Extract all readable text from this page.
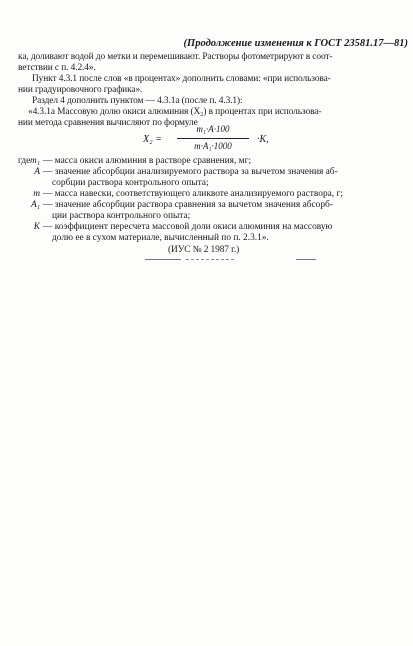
(Продолжение изменения к ГОСТ 23581.17—81)
ка, доливают водой до метки и перемешивают. Растворы фотометрируют в соот-
ветствии с п. 4.2.4».
Пункт 4.3.1 после слов «в процентах» дополнить словами: «при использова-
нии градуировочного графика».
Раздел 4 дополнить пунктом — 4.3.1а (после п. 4.3.1):
«4.3.1а Массовую долю окиси алюминия (X₂) в процентах при использова-
нии метода сравнения вычисляют по формуле
X₂ =
m₁·A·100
m·A₁·1000
·K,
где m₁ — масса окиси алюминия в растворе сравнения, мг;
A — значение абсорбции анализируемого раствора за вычетом значения аб-
сорбции раствора контрольного опыта;
m — масса навески, соответствующего аликвоте анализируемого раствора, г;
A₁ — значение абсорбции раствора сравнения за вычетом значения абсорб-
ции раствора контрольного опыта;
K — коэффициент пересчета массовой доли окиси алюминия на массовую
долю ее в сухом материале, вычисленный по п. 2.3.1».
(ИУС № 2 1987 г.)
